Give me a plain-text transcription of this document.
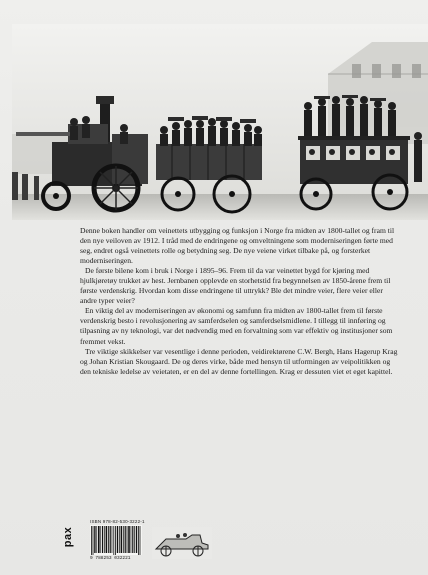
Denne boken handler om veinettets utbygging og funksjon i Norge fra midten av 1800-tallet og fram til den nye veiloven av 1912. I tråd med de endringene og omveltningene som moderniseringen førte med seg, endret også veinettets rolle og betydning seg. De nye veiene virket tilbake på, og forsterket moderniseringen.

De første bilene kom i bruk i Norge i 1895–96. Frem til da var veinettet bygd for kjøring med hjulkjøretøy trukket av hest. Jernbanen opplevde en storhetstid fra begynnelsen av 1850-årene frem til første verdenskrig. Hvordan kom disse endringene til uttrykk? Ble det mindre veier, flere veier eller andre typer veier?

En viktig del av moderniseringen av økonomi og samfunn fra midten av 1800-tallet frem til første verdenskrig besto i revolusjonering av samferdselen og samferdselsmidlene. I tillegg til innføring og tilpasning av ny teknologi, var det nødvendig med en forvaltning som var effektiv og institusjoner som fremmet vekst.

Tre viktige skikkelser var vesentlige i denne perioden, veidirektørene C.W. Bergh, Hans Hagerup Krag og Johan Kristian Skougaard. De og deres virke, både med hensyn til utformingen av veipolitikken og den tekniske ledelse av veietaten, er en del av denne fortellingen. Krag er dessuten viet et eget kapittel.

pax
ISBN 978-82-530-3222-1
9 788253 032221
